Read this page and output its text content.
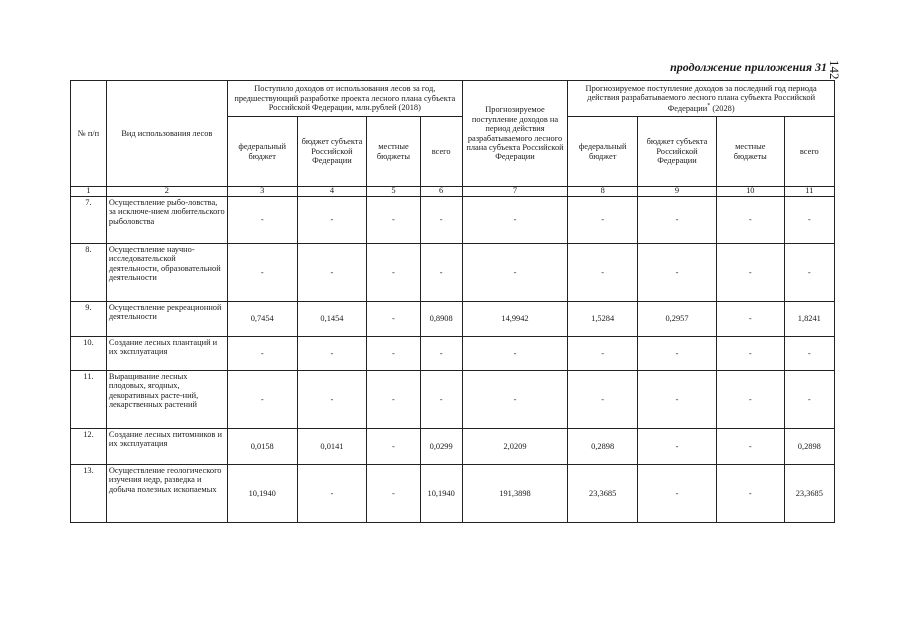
142
продолжение приложения 31
№ п/п	Вид использования лесов	Поступило доходов от использования лесов за год, предшествующий разработке проекта лесного плана субъекта Российской Федерации, млн.рублей (2018)				Прогнозируемое поступление доходов на период действия разрабатываемого лесного плана субъекта Российской Федерации	Прогнозируемое поступление доходов за последний год периода действия разрабатываемого лесного плана субъекта Российской Федерации* (2028)			
		федеральный бюджет	бюджет субъекта Российской Федерации	местные бюджеты	всего		федеральный бюджет	бюджет субъекта Российской Федерации	местные бюджеты	всего
1	2	3	4	5	6	7	8	9	10	11
7.	Осуществление рыбо-ловства, за исключе-нием любительского рыболовства	-	-	-	-	-	-	-	-	-
8.	Осуществление научно-исследовательской деятельности, образовательной деятельности	-	-	-	-	-	-	-	-	-
9.	Осуществление рекреационной деятельности	0,7454	0,1454	-	0,8908	14,9942	1,5284	0,2957	-	1,8241
10.	Создание лесных плантаций и их эксплуатация	-	-	-	-	-	-	-	-	-
11.	Выращивание лесных плодовых, ягодных, декоративных расте-ний, лекарственных растений	-	-	-	-	-	-	-	-	-
12.	Создание лесных питомников и их эксплуатация	0,0158	0,0141	-	0,0299	2,0209	0,2898	-	-	0,2898
13.	Осуществление геологического изучения недр, разведка и добыча полезных ископаемых	10,1940	-	-	10,1940	191,3898	23,3685	-	-	23,3685
